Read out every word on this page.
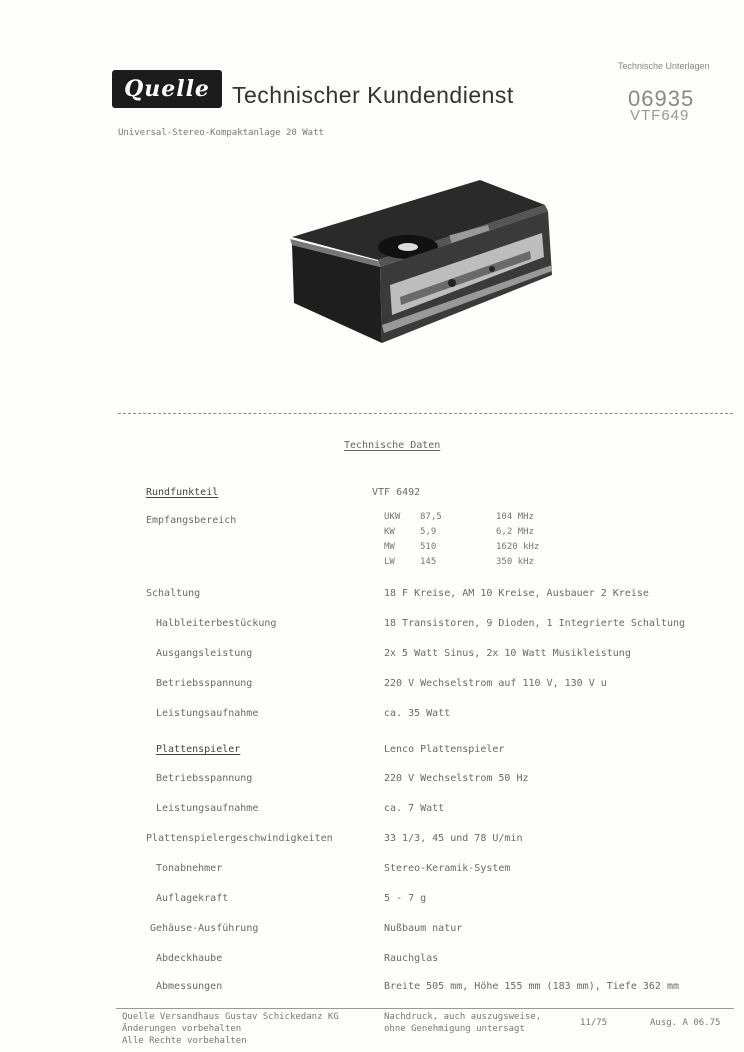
Quelle Technischer Kundendienst
Technische Unterlagen
06935
VTF649
Universal-Stereo-Kompaktanlage 20 Watt
Technische Daten
Rundfunkteil	VTF 6492
Empfangsbereich	UKW 87,5	104 MHz
KW	5,9	6,2 MHz
MW	510	1620 kHz
LW	145	350 kHz
Schaltung	18 F Kreise, AM 10 Kreise, Ausbauer 2 Kreise
Halbleiterbestückung	18 Transistoren, 9 Dioden, 1 Integrierte Schaltung
Ausgangsleistung	2x 5 Watt Sinus, 2x 10 Watt Musikleistung
Betriebsspannung	220 V Wechselstrom auf 110 V, 130 V u
Leistungsaufnahme	ca. 35 Watt
Plattenspieler	Lenco Plattenspieler
Betriebsspannung	220 V Wechselstrom 50 Hz
Leistungsaufnahme	ca. 7 Watt
Plattenspielergeschwindigkeiten	33 1/3, 45 und 78 U/min
Tonabnehmer	Stereo-Keramik-System
Auflagekraft	5 - 7 g
Gehäuse-Ausführung	Nußbaum natur
Abdeckhaube	Rauchglas
Abmessungen	Breite 505 mm, Höhe 155 mm (183 mm), Tiefe 362 mm
Quelle Versandhaus Gustav Schickedanz KG
Änderungen vorbehalten
Alle Rechte vorbehalten
Nachdruck, auch auszugsweise,
ohne Genehmigung untersagt
11/75	Ausg. A 06.75
